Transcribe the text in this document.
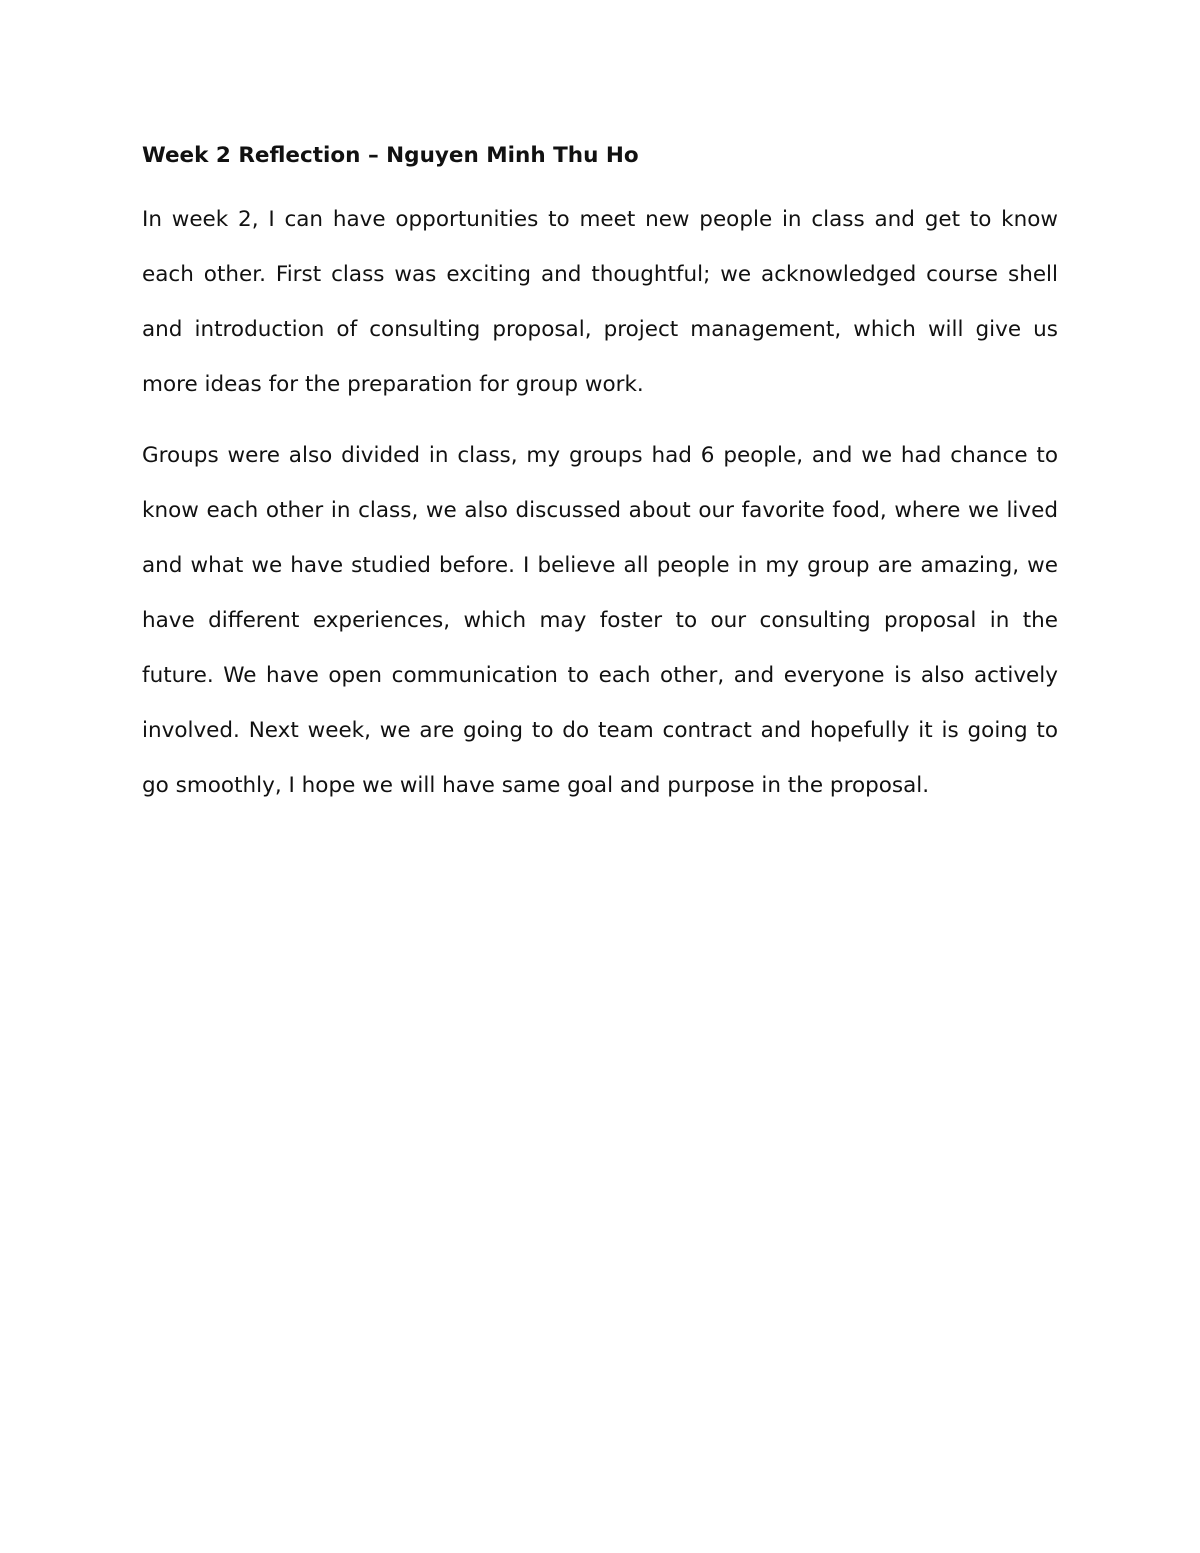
Week 2 Reflection – Nguyen Minh Thu Ho

In week 2, I can have opportunities to meet new people in class and get to know each other. First class was exciting and thoughtful; we acknowledged course shell and introduction of consulting proposal, project management, which will give us more ideas for the preparation for group work.

Groups were also divided in class, my groups had 6 people, and we had chance to know each other in class, we also discussed about our favorite food, where we lived and what we have studied before. I believe all people in my group are amazing, we have different experiences, which may foster to our consulting proposal in the future. We have open communication to each other, and everyone is also actively involved. Next week, we are going to do team contract and hopefully it is going to go smoothly, I hope we will have same goal and purpose in the proposal.
